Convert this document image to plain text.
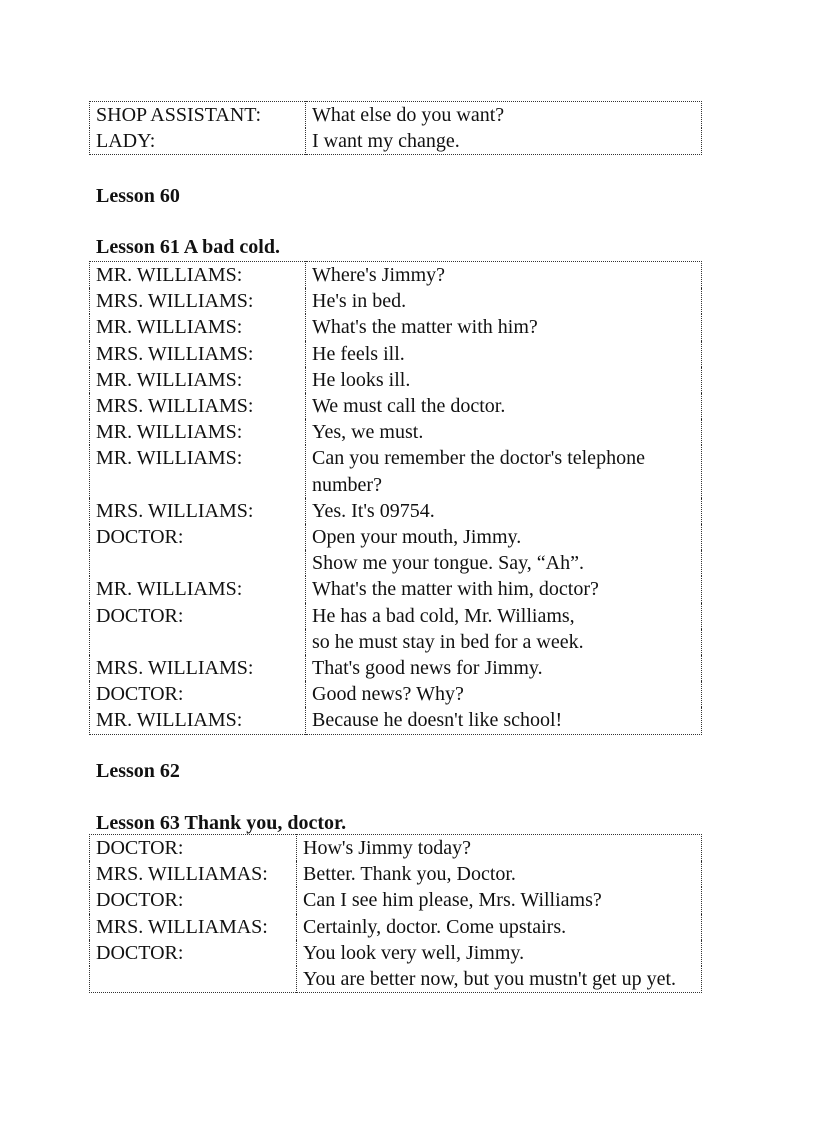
SHOP ASSISTANT:	What else do you want?
LADY:	I want my change.
Lesson 60
Lesson 61 A bad cold.
MR. WILLIAMS:	Where's Jimmy?
MRS. WILLIAMS:	He's in bed.
MR. WILLIAMS:	What's the matter with him?
MRS. WILLIAMS:	He feels ill.
MR. WILLIAMS:	He looks ill.
MRS. WILLIAMS:	We must call the doctor.
MR. WILLIAMS:	Yes, we must.
MR. WILLIAMS:	Can you remember the doctor's telephone number?
MRS. WILLIAMS:	Yes. It's 09754.
DOCTOR:	Open your mouth, Jimmy.
	Show me your tongue. Say, “Ah”.
MR. WILLIAMS:	What's the matter with him, doctor?
DOCTOR:	He has a bad cold, Mr. Williams,
	so he must stay in bed for a week.
MRS. WILLIAMS:	That's good news for Jimmy.
DOCTOR:	Good news? Why?
MR. WILLIAMS:	Because he doesn't like school!
Lesson 62
Lesson 63 Thank you, doctor.
DOCTOR:	How's Jimmy today?
MRS. WILLIAMAS:	Better. Thank you, Doctor.
DOCTOR:	Can I see him please, Mrs. Williams?
MRS. WILLIAMAS:	Certainly, doctor. Come upstairs.
DOCTOR:	You look very well, Jimmy.
	You are better now, but you mustn't get up yet.
